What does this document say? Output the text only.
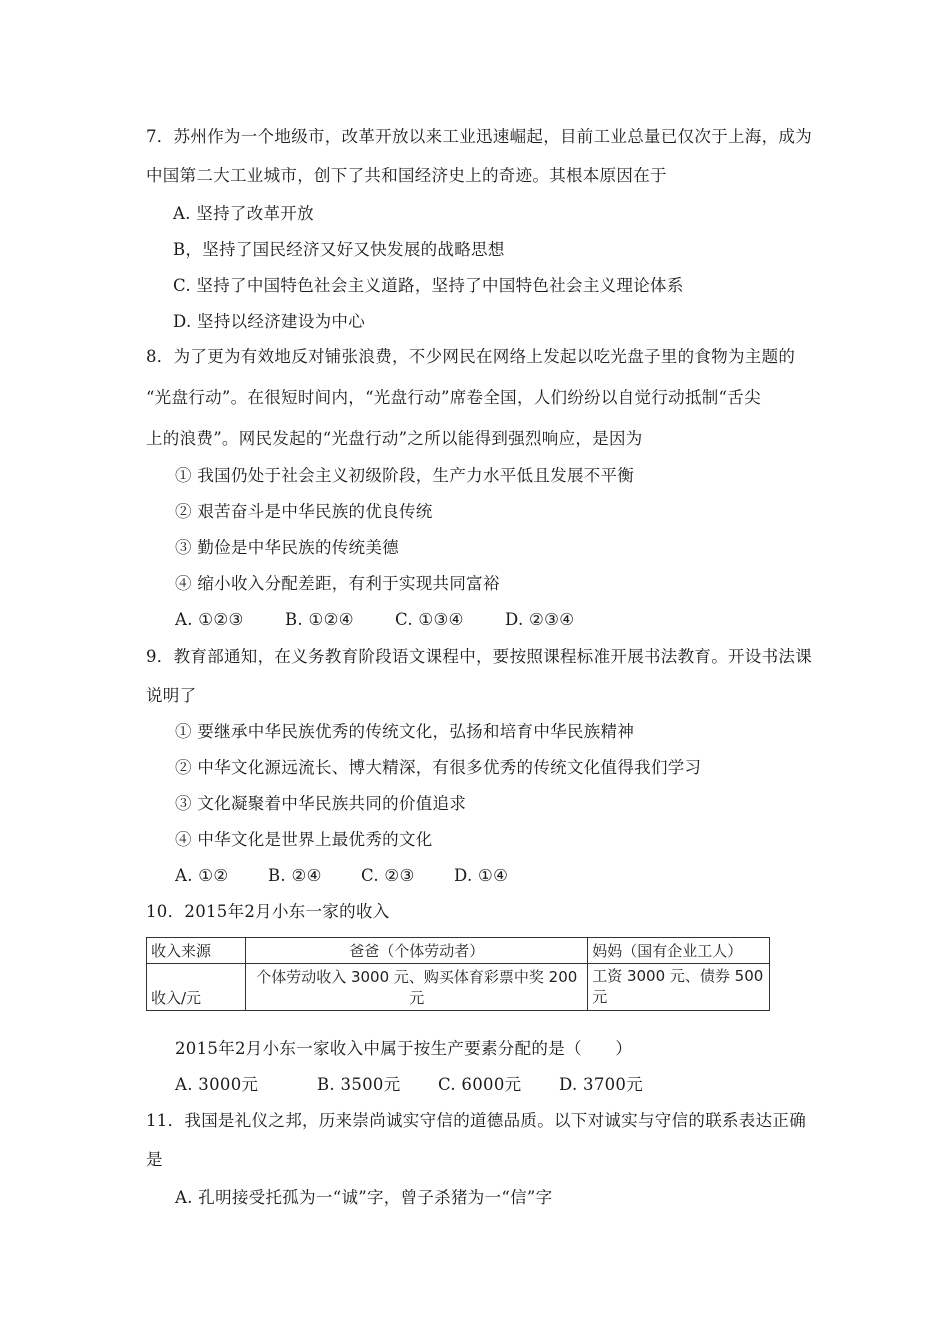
7．苏州作为一个地级市，改革开放以来工业迅速崛起，目前工业总量已仅次于上海，成为
中国第二大工业城市，创下了共和国经济史上的奇迹。其根本原因在于
A. 坚持了改革开放
B，坚持了国民经济又好又快发展的战略思想
C. 坚持了中国特色社会主义道路，坚持了中国特色社会主义理论体系
D. 坚持以经济建设为中心
8．为了更为有效地反对铺张浪费，不少网民在网络上发起以吃光盘子里的食物为主题的
“光盘行动”。在很短时间内，“光盘行动”席卷全国，人们纷纷以自觉行动抵制“舌尖
上的浪费”。网民发起的“光盘行动”之所以能得到强烈响应，是因为
① 我国仍处于社会主义初级阶段，生产力水平低且发展不平衡
② 艰苦奋斗是中华民族的优良传统
③ 勤俭是中华民族的传统美德
④ 缩小收入分配差距，有利于实现共同富裕
A. ①②③	B. ①②④ C. ①③④	D. ②③④
9．教育部通知，在义务教育阶段语文课程中，要按照课程标准开展书法教育。开设书法课
说明了
① 要继承中华民族优秀的传统文化，弘扬和培育中华民族精神
② 中华文化源远流长、博大精深，有很多优秀的传统文化值得我们学习
③ 文化凝聚着中华民族共同的价值追求
④ 中华文化是世界上最优秀的文化
A. ①② B. ②④ C. ②③ D. ①④
10．2015年2月小东一家的收入
收入来源	爸爸（个体劳动者）	妈妈（国有企业工人）
收入/元	个体劳动收入 3000 元、购买体育彩票中奖 200 元	工资 3000 元、债券 500
元
2015年2月小东一家收入中属于按生产要素分配的是（　　）
A. 3000元	B. 3500元 C. 6000元 D. 3700元
11．我国是礼仪之邦，历来崇尚诚实守信的道德品质。以下对诚实与守信的联系表达正确
是
A. 孔明接受托孤为一“诚”字，曾子杀猪为一“信”字
